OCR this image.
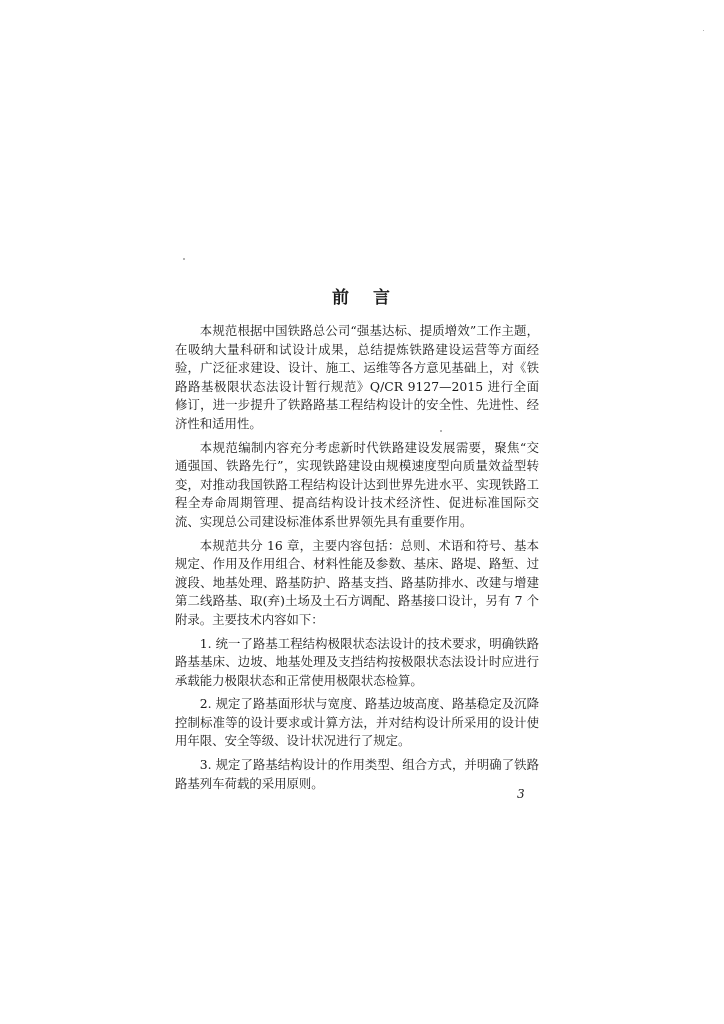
前 言

本规范根据中国铁路总公司“强基达标、提质增效”工作主题，在吸纳大量科研和试设计成果，总结提炼铁路建设运营等方面经验，广泛征求建设、设计、施工、运维等各方意见基础上，对《铁路路基极限状态法设计暂行规范》Q/CR 9127—2015 进行全面修订，进一步提升了铁路路基工程结构设计的安全性、先进性、经济性和适用性。

本规范编制内容充分考虑新时代铁路建设发展需要，聚焦“交通强国、铁路先行”，实现铁路建设由规模速度型向质量效益型转变，对推动我国铁路工程结构设计达到世界先进水平、实现铁路工程全寿命周期管理、提高结构设计技术经济性、促进标准国际交流、实现总公司建设标准体系世界领先具有重要作用。

本规范共分 16 章，主要内容包括：总则、术语和符号、基本规定、作用及作用组合、材料性能及参数、基床、路堤、路堑、过渡段、地基处理、路基防护、路基支挡、路基防排水、改建与增建第二线路基、取(弃)土场及土石方调配、路基接口设计，另有 7 个附录。主要技术内容如下：

1. 统一了路基工程结构极限状态法设计的技术要求，明确铁路路基基床、边坡、地基处理及支挡结构按极限状态法设计时应进行承载能力极限状态和正常使用极限状态检算。

2. 规定了路基面形状与宽度、路基边坡高度、路基稳定及沉降控制标准等的设计要求或计算方法，并对结构设计所采用的设计使用年限、安全等级、设计状况进行了规定。

3. 规定了路基结构设计的作用类型、组合方式，并明确了铁路路基列车荷载的采用原则。

3
